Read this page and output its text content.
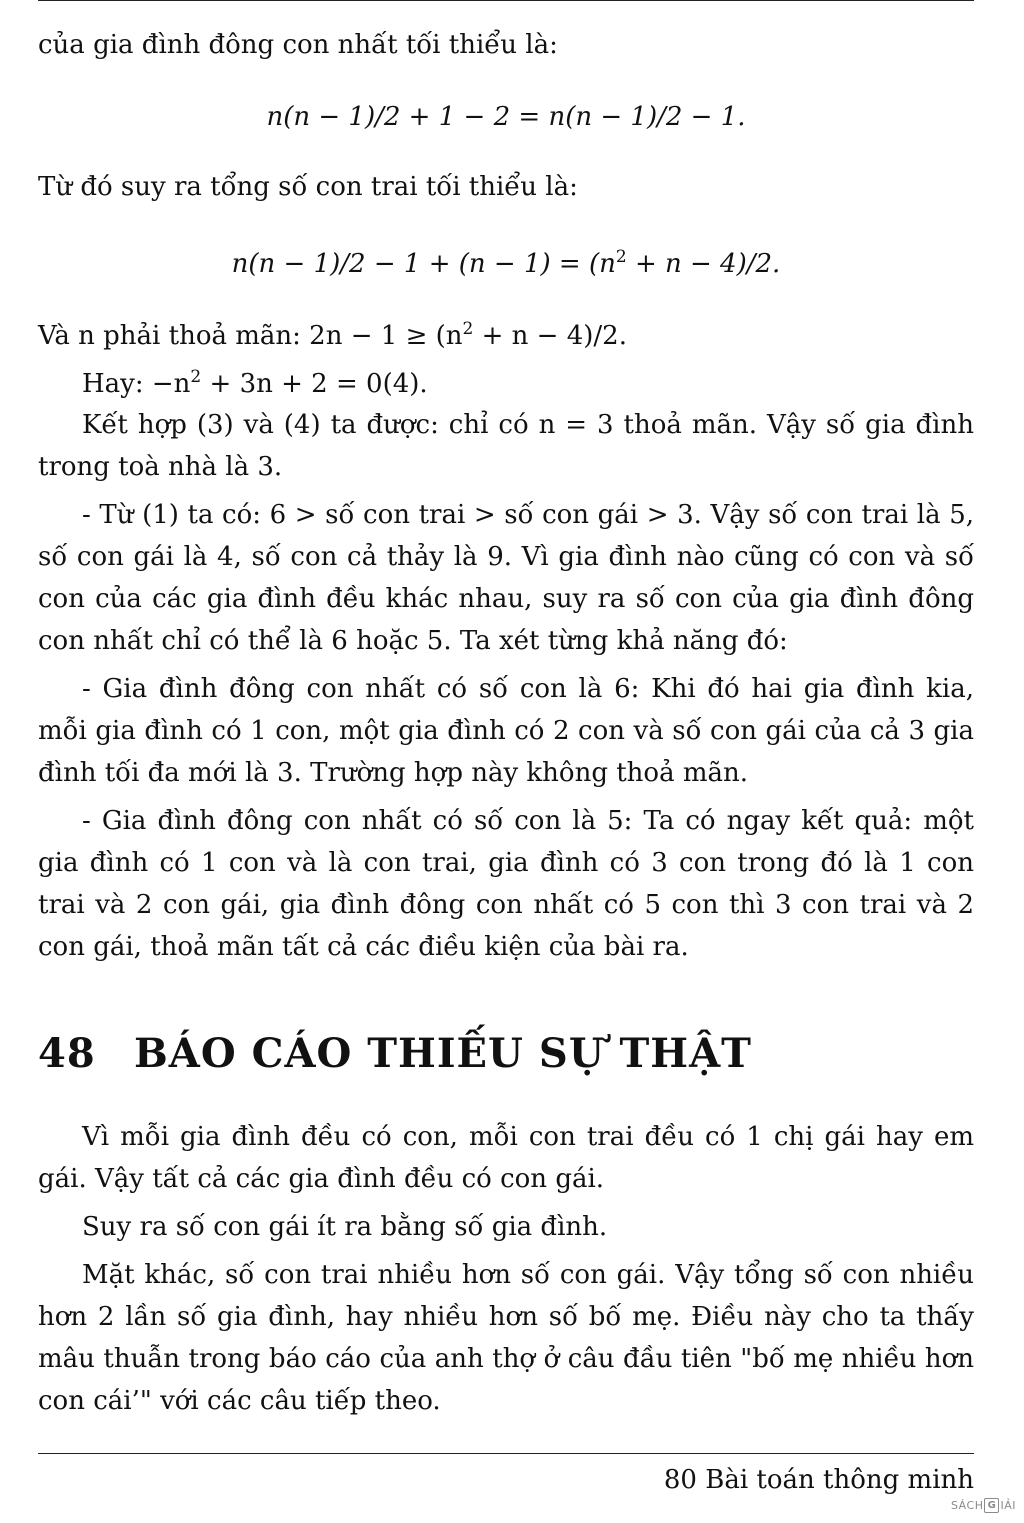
của gia đình đông con nhất tối thiểu là:

n(n − 1)/2 + 1 − 2 = n(n − 1)/2 − 1.

Từ đó suy ra tổng số con trai tối thiểu là:

$n(n - 1)/2 - 1 + (n - 1) = (n^2 + n - 4)/2$.

Và n phải thoả mãn: $2n - 1 \ge (n^2 + n - 4)/2$.

Hay: $-n^2 + 3n + 2 = 0(4)$.

Kết hợp (3) và (4) ta được: chỉ có n = 3 thoả mãn. Vậy số gia đình trong toà nhà là 3.

- Từ (1) ta có: 6 > số con trai > số con gái > 3. Vậy số con trai là 5, số con gái là 4, số con cả thảy là 9. Vì gia đình nào cũng có con và số con của các gia đình đều khác nhau, suy ra số con của gia đình đông con nhất chỉ có thể là 6 hoặc 5. Ta xét từng khả năng đó:

- Gia đình đông con nhất có số con là 6: Khi đó hai gia đình kia, mỗi gia đình có 1 con, một gia đình có 2 con và số con gái của cả 3 gia đình tối đa mới là 3. Trường hợp này không thoả mãn.

- Gia đình đông con nhất có số con là 5: Ta có ngay kết quả: một gia đình có 1 con và là con trai, gia đình có 3 con trong đó là 1 con trai và 2 con gái, gia đình đông con nhất có 5 con thì 3 con trai và 2 con gái, thoả mãn tất cả các điều kiện của bài ra.

48 BÁO CÁO THIẾU SỰ THẬT

Vì mỗi gia đình đều có con, mỗi con trai đều có 1 chị gái hay em gái. Vậy tất cả các gia đình đều có con gái.

Suy ra số con gái ít ra bằng số gia đình.

Mặt khác, số con trai nhiều hơn số con gái. Vậy tổng số con nhiều hơn 2 lần số gia đình, hay nhiều hơn số bố mẹ. Điều này cho ta thấy mâu thuẫn trong báo cáo của anh thợ ở câu đầu tiên "bố mẹ nhiều hơn con cái’" với các câu tiếp theo.

80 Bài toán thông minh
SÁCH G IẢI
